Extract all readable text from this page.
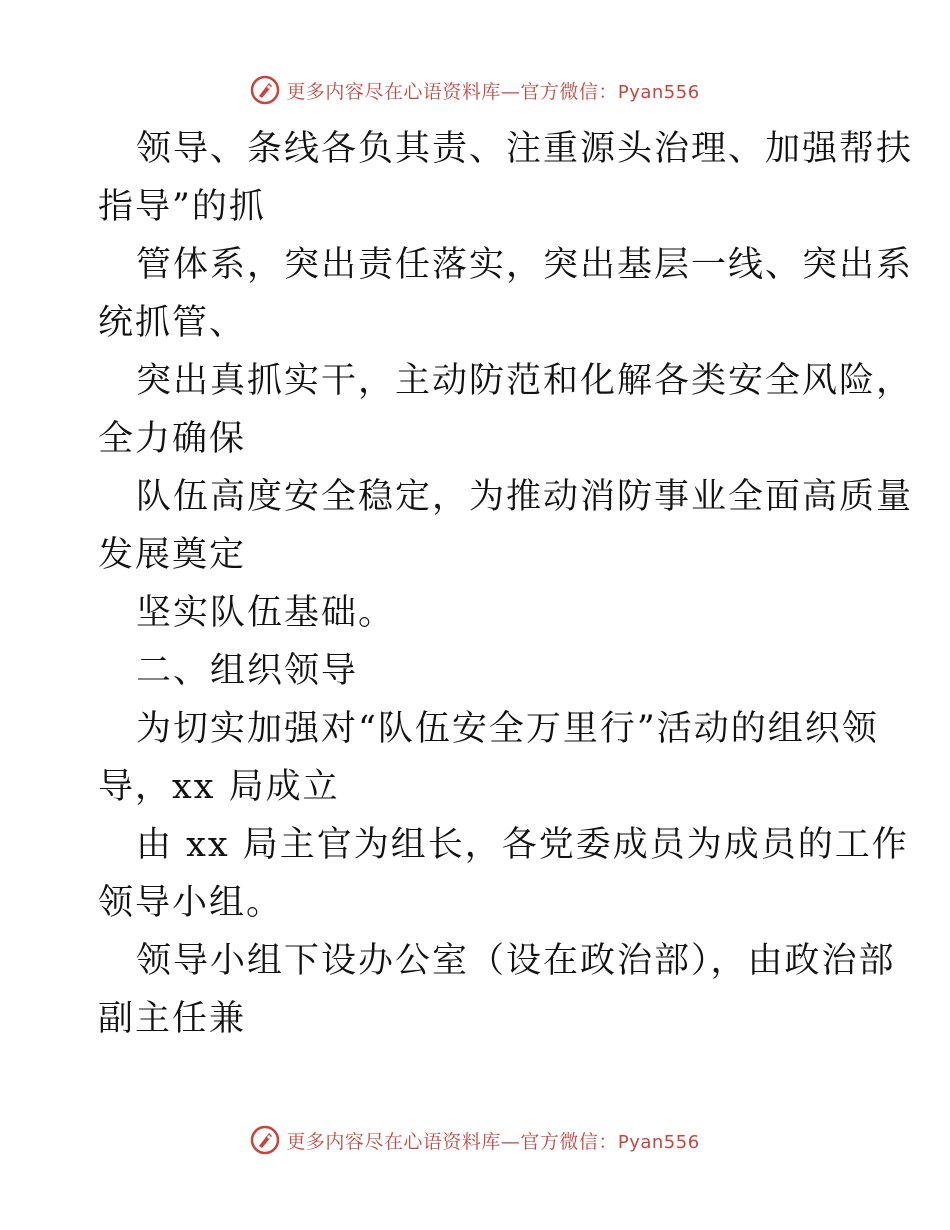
更多内容尽在心语资料库—官方微信：Pyan556
领导、条线各负其责、注重源头治理、加强帮扶
指导”的抓
管体系，突出责任落实，突出基层一线、突出系
统抓管、
突出真抓实干，主动防范和化解各类安全风险，
全力确保
队伍高度安全稳定，为推动消防事业全面高质量
发展奠定
坚实队伍基础。
二、组织领导
为切实加强对“队伍安全万里行”活动的组织领
导，xx 局成立
由 xx 局主官为组长，各党委成员为成员的工作
领导小组。
领导小组下设办公室（设在政治部），由政治部
副主任兼
更多内容尽在心语资料库—官方微信：Pyan556
